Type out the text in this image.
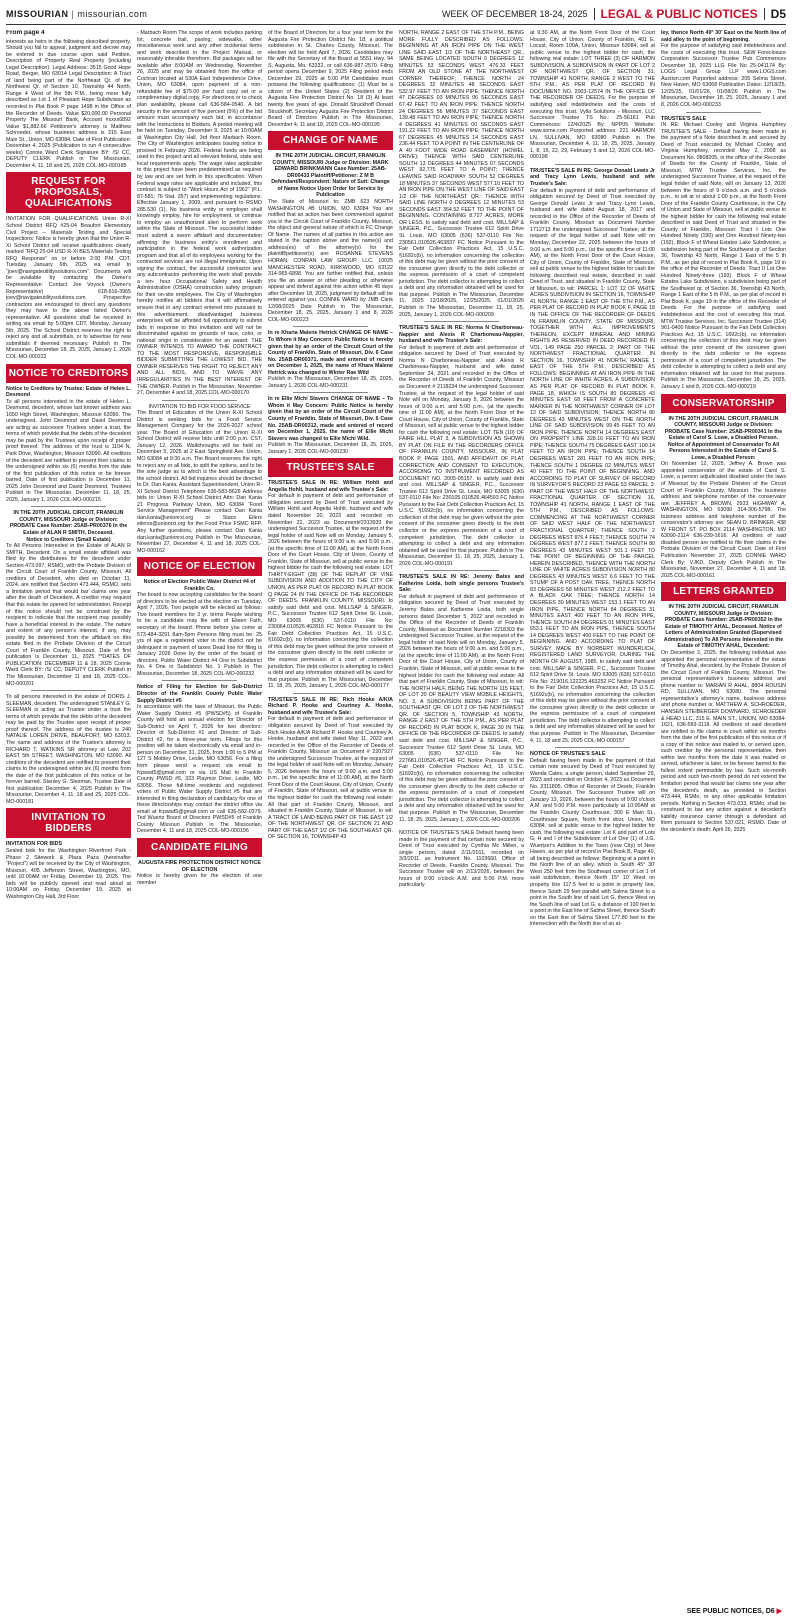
MISSOURIAN | missourian.com	WEEK OF DECEMBER 18-24, 2025 LEGAL & PUBLIC NOTICES D5
From page 4

interests as heirs in the following described property. Should you fail to appear, judgment and decree may be entered in due course upon said Petition. Description of Property Real Property (including Legal Description): Legal Address: 3515 Good Hope Road, Berger, MO 63014 Legal Description: A Tract of land being part of the Northeast Qr. of the Northwest Qr. of Section 10, Township 44 North, Range 4 West of the 5th P.M., being more fully described as Lot 1 of Pleasant Hope Subdivision as recorded in Plat Book P page 1498 in the Office of the Recorder of Deeds. Value $20,000.00 Personal Property The Missouri Bank, Account #xxxx6892 Value $1,882.66 Petitioner's attorney is Matthew Schroeder, whose business address is 315 East Main St., Union, MO 63084. Date of First Publication: December 4, 2025 (Publication to run 4 consecutive weeks) Connie Ward Clerk Signature BY: /S/ CC, DEPUTY CLERK Publish in The Missourian, December 4, 11, 18 and 25, 2025 COL-MO-000185

REQUEST FOR PROPOSALS, QUALIFICATIONS

INVITATION FOR QUALIFICATIONS Union R-XI School District RFQ #25-04 Beaufort Elementary Civil Project – Materials Testing and Special Inspections: Notice is hereby given that the Union R-XI School District will receive qualifications clearly marked “RFQ 25-04 USD R-XI BES Materials Testing RFQ Response” on or before 2:00 P.M. CDT, Tuesday, January 6th, 2025 via email to “joev@navigateutilitysolutions.com”. Documents will be available by contacting the Owner's Representative: Contact Joe Voyock (Owner's Representative) 618-616-3965 joev@navigateutilitysolutions.com Prospective contractors are encouraged to direct any questions they may have to the above listed Owner's representative. All questions shall be received in writing via email by 5:00pm CDT, Monday, January 5th, 2025. The School District reserves the right to reject any and all submittals, or to advertise for new submittals if deemed necessary. Publish in The Missourian, December 18, 25, 2025, January 1, 2026 COL-MO-000222

NOTICE TO CREDITORS

Notice to Creditors by Trustee: Estate of Helen L. Desmond

To all persons interested in the estate of Helen L. Desmond, decedent, whose last known address was 1650 High Street, Washington, Missouri 63090. The undersigned, John Desmond and David Desmond are acting as successor Trustees under a trust, the terms of which provide that the debts of the decedent may be paid by the Trustees upon receipt of proper proof thereof. The address of the trust is 1104 N. Park Drive, Washington, Missouri 63090. All creditors of the decedent are notified to present their claims to the undersigned within six (6) months from the date of the first publication of this notice or be forever barred. Date of first publication is December 11, 2025 John Desmond and David Desmond, Trustees Publish in The Missourian, December 11, 18, 25, 2025, January 1, 2026 COL-MO-000215

IN THE 20TH JUDICIAL CIRCUIT, FRANKLIN COUNTY, MISSOURI Judge or Division: PROBATE Case Number: 25AB-PR00376 In the Estate of ALAN R SMITH, Deceased.

Notice to Creditors (Small Estate)

To All Persons Interested in the Estate of ALAN R SMITH, Decedent: On a small estate affidavit was filed by the distributees for the decedent under Section 473.097, RSMO, with the Probate Division of the Circuit Court of Franklin County, Missouri. All creditors of Decedent, who died on October 11, 2024, are notified that Section 473.444, RSMO, sets a limitation period that would bar claims one year after the death of Decedent. A creditor may request that this estate be opened for administration. Receipt of this notice should not be construed by the recipient to indicate that the recipient may possibly have a beneficial interest in the estate. The nature and extent of any person's interest, if any, may possibly be determined from the affidavit on this estate filed in the Probate Division of the Circuit Court of Franklin County, Missouri. Date of first publication is December 11, 2025 **DATES OF PUBLICATION: DECEMBER 11 & 18, 2025 Connie Ward Clerk BY: /S/ CC, DEPUTY CLERK Publish in The Missourian, December 11 and 18, 2025 COL-MO-000201

To all persons interested in the estate of DORIS J. SLEEMAN, decedent. The undersigned STANLEY G. SLEEMAN is acting as Trustee under a trust the terms of which provide that the debts of the decedent may be paid by the Trustee upon receipt of proper proof thereof. The address of the trustee is 240 NATALIE LOREN DRIVE, BEAUFORT, MO 63013. The name and address of the Trustee's attorney is RICHARD T. WATKINS SR attorney at Law, 202 EAST 5th STREET, WASHINGTON, MO 63090. All creditors of the decedent are notified to present their claims to the undersigned within six (6) months from the date of the first publication of this notice or be forever barred. Stanley G. Sleeman, Trustee Date of first publication December 4, 2025 Publish in The Missourian, December 4, 11, 18 and 25, 2025 COL-MO-000181

INVITATION TO BIDDERS

INVITATION FOR BIDS

Sealed bids for the Washington Riverfront Park - Phase 2 Sitework & Plaza Paza (hereinafter “Project”) will be received by the City of Washington, Missouri, 405 Jefferson Street, Washington, MO, until 10:00AM on Friday, December 19, 2025. The bids will be publicly opened and read aloud at 10:00AM on Friday, December 19, 2025 at Washington City Hall, 3rd Floor

- Marbach Room The scope of work includes parking lot, concrete trail, paving, sidewalks, other miscellaneous work and any other incidental items and work described in the Project Manual, or reasonably inferable therefrom. Bid packages will be available after 8:00AM on Wednesday, November 26, 2025 and may be obtained from the office of Cochran located at 530A East Independence Drive, Union, MO 63084, upon payment of a non-refundable fee of $75.00 per hard copy set or a complimentary digital copy. For directions or to check plan availability, please call 636-584-0540. A bid security in the amount of five percent (5%) of the bid amount must accompany each bid, in accordance with the Instructions to Bidders. A prebid meeting will be held on Tuesday, December 9, 2025 at 10:00AM at Washington City Hall, 3rd floor Marbach Room. The City of Washington anticipates issuing notice to proceed in February 2026. Federal funds are being used in this project and all relevant federal, state and local requirements apply. The wage rates applicable to this project have been predetermined as required by law and are set forth in this specification. When Federal wage rates are applicable and included, this contract is subject to “Work Hours Act of 1962” (P.L. 87-581; 76 Stat. 357) and implementing regulations. Effective January 1, 2009, and pursuant to RSMO 285.530 (1), No business entity or employer shall knowingly employ, hire for employment, or continue to employ an unauthorized alien to perform work within the State of Missouri. The successful bidder must submit a sworn affidavit and documentation affirming the business entity's enrollment and participation in the federal work authorization program and that all of its employees working for the contracted services are not illegal immigrants. Upon signing the contract, the successful contractor and any subcontractor performing the work shall provide a ten- hour Occupational Safety and Health Administration (OSHA) construction safety program for their on-site employees. The City of Washington hereby notifies all bidders that it will affirmatively ensure that in any contract entered into pursuant to this advertisement, disadvantaged business enterprises will be afforded full opportunity to submit bids in response to this invitation and will not be discriminated against on grounds of race, color, or national origin in consideration for an award. THE OWNER INTENDS TO AWARD THE CONTRACT TO THE MOST RESPONSIVE, RESPONSIBLE BIDDER SUBMITTING THE LOWEST BID. THE OWNER RESERVES THE RIGHT TO REJECT ANY AND ALL BIDS, AND TO WAIVE ANY IRREGULARITIES IN THE BEST INTEREST OF THE OWNER. Publish in The Missourian, November 27, December 4 and 18, 2025 COL-MO-000170

INVITATION TO BID FOR FOOD SERVICE

The Board of Education of the Union R-XI School District is seeking bids for a Food Service Management Company for the 2026-2027 school year. The Board of Education of the Union R-XI School District will receive bids until 2:00 p.m. CST, January 12, 2026. Walkthroughs will be held on December 5, 2025 at 2 East Springfield Ave. Union, MO 63084 at 9:30 a.m. The Board reserves the right to reject any or all bids, to split the options, and to be the sole judge as to which is the best advantage to the school district. All bid inquiries should be directed to Dr. Dan Kania, Assistant Superintendent, Union R-XI School District Telephone 636-583-8626 Address bids to: Union R-XI School District Attn: Dan Kania 21 Progress Parkway Union, MO 63084 “Food Service Management” Please contact Dan Kania dan.kania@unionrxi.org or Stace Eilers eilerss@unionrxi.org for the Food Price FSMC RFP. Any further questions, please contact Dan Kania dan.kania@unionrxi.org Publish in The Missourian, November 27, December 4, 11 and 18, 2025 COL-MO-000162

NOTICE OF ELECTION

Notice of Election Public Water District #4 of Franklin Co.

The board is now accepting candidates for the board of directors to be elected at the election on Tuesday, April 7, 2026. Two people will be elected as follows: Two board members for 3 yr. terms People wishing to be a candidate may file with of Eileen Fath, secretary of the board. Phone before you come at 573-484-3291 8am-5pm Persons filing must be: 25 yrs of age a registered voter in the district not be delinquent in payment of taxes Dead line for filing is January 2026 Done by the order of the board of directors, Public Water District #4 One in Subdistrict No. 4 One in Subdistrict No. 1 Publish in The Missourian, December 18, 2025 COL-MO-000232

Notice of Filing for Election for Sub-District Director of the Franklin County Public Water Supply District #5

In accordance with the laws of Missouri, the Public Water Supply District #5 (PWSD#5) of Franklin County will hold an annual election for Director of Sub-District on April 7, 2026 for two directors: Director of Sub-District #1 and Director of Sub-District #2, for a three-year term. Filings for this position will be taken electronically via email and in-person on December 31, 2025, from 1:00 to 5 PM at 127 S Mobley Drive, Leslie, MO 63056. For a filing form please send a request via email to fcpwsd5@gmail.com or via US Mail to Franklin County PWSD #5, 333 Playmor Drive, Leslie, MO 63056. Those full-time residents and registered voters of Public Water Supply District #5 that are interested in filing declaration of candidacy for one of these directorships may contact the district office via email at fcpwsd5@gmail.com or call 636-582-0379. Ted Wuertz Board of Directors PWSD#5 of Franklin County Missouri Publish in The Missourian, December 4, 11 and 18, 2025 COL-MO-000196

CANDIDATE FILING

AUGUSTA FIRE PROTECTION DISTRICT NOTICE OF ELECTION

Notice is hereby given for the election of one member

of the Board of Directors for a four year term for the Augusta Fire Protection District No. 18, a political subdivision in St. Charles County, Missouri. The election will be held April 7, 2026. Candidates may file with the Secretary of the Board at 5551 Hwy. 94 S, Augusta, Mo. 63332, or call 636-987-2570. Filing period opens December 9, 2025 Filing period ends December 29, 2025 at 5:00 PM Candidates must possess the following qualifications: (1) Must be a citizen of the United States (2) Resident of the Augusta Fire Protection District No. 18 (3) At least twenty five years of age. Donald Struckhoff Donald Struckhoff, Secretary Augusta Fire Protection District Board of Directors Publish in The Missourian, December 4, 11 and 18, 2025 COL-MO-000195

CHANGE OF NAME

IN THE 20TH JUDICIAL CIRCUIT, FRANKLIN COUNTY, MISSOURI Judge or Division: MARK EDWARD BRINKMANN Case Number: 25AB-DR00433 Plaintiff/Petitioner: Z M B Defendant/Respondent: Nature of Suit: Change of Name Notice Upon Order for Service by Publication

The State of Missouri to: ZMB 623 NORTH WASHINGTON #B UNION, MO 63084 You are notified that an action has been commenced against you in the Circuit Court of Franklin County, Missouri, the object and general nature of which is FC Change Of Name. The names of all parties in this action are stated in the caption above and the name(s) and address(es) of the attorney(s) for the plaintiff/petitioner(s) are: ROSANNE STEVENS HORAN, CONRAN LAW GROUP, LLC, 10025 MANCHESTER ROAD, KIRKWOOD, MO 63122 314-965-6898. You are further notified that, unless you file an answer or other pleading or otherwise appear and defend against this action within 45 days after December 18, 2025, judgment by default will be entered against you. CONNIE WARD by JMB Clerk 12/08/2025 Date Publish in The Missourian, December 18, 25, 2025, January 1 and 8, 2026 COL-MO-000223

In re Kharia Malene Hetrick CHANGE OF NAME – To Whom it May Concern: Public Notice is hereby given that by an order of the Circuit Court of the County of Franklin, State of Missouri, Div. 6 Case No. 25AB-DR00371, made and entered of record on December 1, 2025, the name of Khara Malene Hetrick was changed to Winter Rae Wild

Publish in The Missourian, December 18, 25, 2025, January 1, 2026 COL-MO-000231

In re Ellie Michi Stavers CHANGE OF NAME – To Whom it May Concern: Public Notice is hereby given that by an order of the Circuit Court of the County of Franklin, State of Missouri, Div. 6 Case No. 25AB-DR00312, made and entered of record on December 1, 2025, the name of Ellie Michi Stavers was changed to Ellie Michi Wild.

Publish in The Missourian, December 18, 25, 2025, January 1, 2026 COL-MO-000230

TRUSTEE'S SALE

TRUSTEE'S SALE IN RE: William Hohlt and Angelia Hohlt, husband and wife Trustee's Sale:

For default in payment of debt and performance of obligation secured by Deed of Trust executed by William Hohlt and Angelia Hohlt, husband and wife dated November 20, 2023 and recorded on November 21, 2023 as Document#2313933 the undersigned Successor Trustee, at the request of the legal holder of said Note will on Monday, January 5, 2026 between the hours of 9:00 a.m. and 5:00 p.m., (at the specific time of 11:00 AM), at the North Front Door of the Court House, City of Union, County of Franklin, State of Missouri, sell at public venue to the highest bidder for cash the following real estate: LOT THIRTY-EIGHT (38) OF THE REPLAT OF VINE SUBDIVISION AND ADDITION TO THE CITY OF UNION, AS PER PLAT OF RECORD IN PLAT BOOK Q PAGE 24 IN THE OFFICE OF THE RECORDER OF DEEDS, FRANKLIN COUNTY, MISSOURI. to satisfy said debt and cost. MILLSAP & SINGER, P.C., Successor Trustee 612 Spirit Drive St. Louis, MO 63005 (636) 537-0110 File No: 230064.010526.462816 FC Notice Pursuant to the Fair Debt Collection Practices Act, 15 U.S.C. §1692c(b), no information concerning the collection of this debt may be given without the prior consent of the consumer given directly to the debt collector or the express permission of a court of competent jurisdiction. The debt collector is attempting to collect a debt and any information obtained will be used for that purpose. Publish in The Missourian, December 11, 18, 25, 2025, January 1, 2026 COL-MO-000177

TRUSTEE'S SALE IN RE: Rich Hooke A/K/A Richard P. Hooke and Courtney A. Hooke, husband and wife Trustee's Sale:

For default in payment of debt and performance of obligation secured by Deed of Trust executed by Rich Hooke A/K/A Richard P. Hooke and Courtney A. Hooke, husband and wife dated May 11, 2022 and recorded in the Office of the Recorder of Deeds of Franklin County, Missouri as Document # 2207927 the undersigned Successor Trustee, at the request of the legal holder of said Note will on Monday, January 5, 2026 between the hours of 9:00 a.m. and 5:00 p.m., (at the specific time of 11:00 AM), at the North Front Door of the Court House, City of Union, County of Franklin, State of Missouri, sell at public venue to the highest bidder for cash the following real estate: All that part of Franklin County, Missouri, and situated in Franklin County, State of Missouri, to wit: A TRACT OF LAND BEING PART OF THE EAST 1/2 OF THE NORTHWEST QR. OF SECTION 21 AND PART OF THE EAST 1/2 OF THE SOUTHEAST QR. OF SECTION 16, TOWNSHIP 43

NORTH, RANGE 2 EAST OF THE 5TH P.M., BEING MORE FULLY DESCRIBED AS FOLLOWS: BEGINNING AT AN IRON PIPE ON THE WEST LINE SAID EAST 1/2 OF THE NORTHEAST QR., SAME BEING LOCATED SOUTH 0 DEGREES 12 MINUTES 53 SECONDS WEST 476.33 FEET FROM AN OLD STONE AT THE NORTHWEST CORNER THEREOF; THENCE NORTH 24 DEGREES 32 MINUTES 48 SECONDS EAST 532.97 FEET TO AN IRON PIPE; THENCE NORTH 47 DEGREES 03 MINUTES 06 SECONDS EAST 67.42 FEET TO AN IRON PIPE; THENCE NORTH 24 DEGREES 56 MINUTES 37 SECONDS EAST 139.48 FEET TO AN IRON PIPE; THENCE NORTH 4 DEGREES 41 MINUTES 00 SECONDS EAST 191.22 FEET TO AN IRON PIPE; THENCE NORTH 67 DEGREES 45 MINUTES 14 SECONDS EAST 236.44 FEET TO A POINT IN THE CENTERLINE OF A 40 FOOT WIDE ROAD EASEMENT (HOWEL DRIVE); THENCE WITH SAID CENTERLINE SOUTH 13 DEGREES 44 MINUTES 07 SECONDS WEST 92.775 FEET TO A POINT; THENCE LEAVING SAID ROADWAY SOUTH 52 DEGREES 18 MINUTES 37 SECONDS WEST 577.10 FEET TO AN IRON PIPE ON THE WEST LINE OF SAID EAST 1/2 OF THE NORTHEAST QR.; THENCE WITH SAID LINE NORTH 0 DEGREES 12 MINUTES 53 SECONDS EAST 364.52 FEET TO THE POINT OF BEGINNING, CONTAINING 8.727 ACRES, MORE OR LESS. to satisfy said debt and cost. MILLSAP & SINGER, P.C., Successor Trustee 612 Spirit Drive St. Louis, MO 63005 (636) 537-0110 File No: 230561.010526.463837 FC Notice Pursuant to the Fair Debt Collection Practices Act, 15 U.S.C. §1692c(b), no information concerning the collection of this debt may be given without the prior consent of the consumer given directly to the debt collector or the express permission of a court of competent jurisdiction. The debt collector is attempting to collect a debt and any information obtained will be used for that purpose. Publish in The Missourian, December 11, 2025 12/18/2025, 12/25/2025, 01/01/2026 Publish in The Missourian, December 11, 18, 25, 2025, January 1, 2026 COL-MO-000209

TRUSTEE'S SALE IN RE: Norma N Charboneau-Nappier and Alexis R Charboneau-Nappier, husband and wife Trustee's Sale:

For default in payment of debt and performance of obligation secured by Deed of Trust executed by Norma N Charboneau-Nappier and Alexis R Charboneau-Nappier, husband and wife dated September 24, 2021 and recorded in the Office of the Recorder of Deeds of Franklin County, Missouri as Document # 2118234 the undersigned Successor Trustee, at the request of the legal holder of said Note will on Monday, January 5, 2026 between the hours of 9:00 a.m. and 5:00 p.m., (at the specific time of 11:00 AM), at the North Front Door of the Court House, City of Union, County of Franklin, State of Missouri, sell at public venue to the highest bidder for cash the following real estate: LOT TEN (10) OF FAIRE HILL PLAT 3, A SUBDIVISION AS SHOWN BY PLAT ON FILE IN THE RECORDERS OFFICE OF FRANKLIN COUNTY, MISSOURI, IN PLAT BOOK P, PAGE 1501, AND AFFIDAVIT OF PLAT CORRECTION AND CONSENT TO EXECUTION, ACCORDING TO INSTRUMENT RECORDED AS DOCUMENT NO. 2005-05157. to satisfy said debt and cost. MILLSAP & SINGER, P.C., Successor Trustee 612 Spirit Drive St. Louis, MO 63005 (636) 537-0110 File No: 230105.010526.464593 FC Notice Pursuant to the Fair Debt Collection Practices Act, 15 U.S.C. §1692c(b), no information concerning the collection of this debt may be given without the prior consent of the consumer given directly to the debt collector or the express permission of a court of competent jurisdiction. The debt collector is attempting to collect a debt and any information obtained will be used for that purpose. Publish in The Missourian, December 11, 18, 25, 2025, January 1, 2026 COL-MO-000191

TRUSTEE'S SALE IN RE: Jeremy Bates and Katherine Loida, both single persons Trustee's Sale:

For default in payment of debt and performance of obligation secured by Deed of Trust executed by Jeremy Bates and Katherine Loida, both single persons dated December 5, 2022 and recorded in the Office of the Recorder of Deeds of Franklin County, Missouri as Document Number 2218303 the undersigned Successor Trustee, at the request of the legal holder of said Note will on Monday, January 5, 2026 between the hours of 9:00 a.m. and 5:00 p.m., (at the specific time of 11:00 AM), at the North Front Door of the Court House, City of Union, County of Franklin, State of Missouri, sell at public venue to the highest bidder for cash the following real estate: All that part of Franklin County, State of Missouri, to wit: THE NORTH HALF, BEING THE NORTH 115 FEET, OF LOT 20 OF BEAUTY VIEW MOBILE HEIGHTS, NO. 3, A SUBDIVISION BEING PART OF THE SOUTHEAST QR. OF LOT 2 OF THE NORTHWEST QR. OF SECTION 5, TOWNSHIP 43 NORTH, RANGE 2 EAST OF THE 5TH P.M., AS PER PLAT OF RECORD IN PLAT BOOK K, PAGE 30 IN THE OFFICE OF THE RECORDER OF DEEDS. to satisfy said debt and cost. MILLSAP & SINGER, P.C., Successor Trustee 612 Spirit Drive St. Louis, MO 63005 (636) 537-0110 File No: 227681.010526.457148 FC Notice Pursuant to the Fair Debt Collection Practices Act, 15 U.S.C. §1692c(b), no information concerning the collection of this debt may be given without the prior consent of the consumer given directly to the debt collector or the express permission of a court of competent jurisdiction. The debt collector is attempting to collect a debt and any information obtained will be used for that purpose. Publish in The Missourian, December 11, 18, 25, 2025, January 1, 2026 COL-MO-000206

NOTICE OF TRUSTEE'S SALE Default having been made in the payment of that certain note secured by Deed of Trust executed by Cynthia Mc Millen, a single person, dated 2/11/2011, recorded on 3/3/2011, as Instrument No. 1103660, Office of Recorder of Deeds, Franklin County, Missouri. The Successor Trustee will on 2/13/2026, between the hours of 9:00 o'clock A.M. and 5:00 P.M. more particularly

at 9:30 AM, at the North Front Door of the Court House, City of Union, County of Franklin, 401 E. Locust, Room 100A, Union, Missouri 63084, sell at public venue to the highest bidder for cash, the following real estate: LOT THREE (3) OF HARMON SUBDIVISION, A SUBDIVISION IN PART OF LOT 2 OF NORTHWEST QR. OF SECTION 31, TOWNSHIP 41 NORTH, RANGE 2 WEST TO THE 5TH P.M., AS PER PLAT OF RECORD IN DOCUMENT NO. 2003-12574 IN THE OFFICE OF THE RECORDER OF DEEDS. For the purpose of satisfying said indebtedness and the costs of executing this trust. Vylla Solutions - Missouri, LLC Successor Trustee TS No.: 25-56161 Pub Commences: 12/4/2025 By: NPP05 Website: www.xome.com Purported address: 221 HARMON LN, SULLIVAN, MO 63080 Publish in The Missourian, December 4, 11, 18, 25, 2025, January 1, 8, 15, 22, 29, February 5 and 12, 2026 COL-MO-000198

TRUSTEE'S SALE IN RE: George Donald Lewis Jr and Tracy Lynn Lewis, husband and wife Trustee's Sale:

For default in payment of debt and performance of obligation secured by Deed of Trust executed by George Donald Lewis Jr and Tracy Lynn Lewis, husband and wife dated August 18, 2017 and recorded in the Office of the Recorder of Deeds of Franklin County, Missouri as Document Number 1712713 the undersigned Successor Trustee, at the request of the legal holder of said Note will on Monday, December 22, 2025 between the hours of 9:00 a.m. and 5:00 p.m., (at the specific time of 11:00 AM), at the North Front Door of the Court House, City of Union, County of Franklin, State of Missouri, sell at public venue to the highest bidder for cash the following described real estate, described in said Deed of Trust, and situated in Franklin County, State of Missouri, to wit: PARCEL 1: LOT 12 OF WHITE ACRES SUBDIVISION IN SECTION 16, TOWNSHIP 41 NORTH, RANGE 1 EAST OF THE 5TH P.M., AS PER PLAT OF RECORD IN PLAT BOOK F, PAGE 18 IN THE OFFICE OF THE RECORDER OF DEEDS IN FRANKLIN COUNTY, STATE OF MISSOURI. TOGETHER WITH ALL IMPROVEMENTS THEREON, EXCEPT MINERAL AND MINING RIGHTS AS RESERVED IN DEED RECORDED IN VOL. 149 PAGE 250 PARCEL 2: PART OF THE NORTHWEST FRACTIONAL QUARTER IN SECTION 16, TOWNSHIP 41 NORTH, RANGE 1 EAST OF THE 5TH P.M., DESCRIBED AS FOLLOWS: BEGINNING AT AN IRON PIPE IN THE NORTH LINE OF WHITE ACRES, A SUBDIVISION AS PER PLAT OF RECORD IN PLAT BOOK F, PAGE 18, WHICH IS SOUTH 80 DEGREES 43 MINUTES EAST 68 FEET FROM A CONCRETE MARKER IN THE NORTHWEST CORNER OF LOT 12 OF SAID SUBDIVISION; THENCE NORTH 80 DEGREES 43 MINUTES WEST ON THE NORTH LINE OF SAID SUBDIVISION 99.45 FEET TO AN IRON PIPE; THENCE NORTH 14 DEGREES EAST ON PROPERTY LINE 328.16 FEET TO AN IRON PIPE; THENCE SOUTH 75 DEGREES EAST 100.14 FEET TO AN IRON PIPE; THENCE SOUTH 14 DEGREES WEST 281 FEET TO AN IRON PIPE; THENCE SOUTH 1 DEGREE 02 MINUTES WEST 40 FEET TO THE POINT OF BEGINNING. AND ACCORDING TO PLAT OF SURVEY OF RECORD IN SURVEYOR'S RECORD 23 PAGE 53 PARCEL 3: PART OF THE WEST HALF OF THE NORTHWEST FRACTIONAL QUARTER OF SECTION 16, TOWNSHIP 41 NORTH, RANGE 1 EAST OF THE 5TH P.M., DESCRIBED AS FOLLOWS: COMMENCING AT THE NORTHWEST CORNER OF SAID WEST HALF OF THE NORTHWEST FRACTIONAL QUARTER; THENCE SOUTH 2 DEGREES WEST 876.4 FEET; THENCE SOUTH 74 DEGREES WEST 877.2 FEET; THENCE SOUTH 80 DEGREES 43 MINUTES WEST 501.1 FEET TO THE POINT OF BEGINNING OF THE PARCEL HEREIN DESCRIBED, THENCE WITH THE NORTH LINE OF WHITE ACRES SUBDIVISION NORTH 80 DEGREES 43 MINUTES WEST 6.6 FEET TO THE STUMP OF A POST OAK TREE, THENCE NORTH 83 DEGREES 58 MINUTES WEST 212.2 FEET TO A BLACK OAK TREE; THENCE NORTH 14 DEGREES 30 MINUTES WEST 153.1 FEET TO AN IRON PIPE, THENCE NORTH 84 DEGREES 31 MINUTES EAST 400 FEET TO AN IRON PIPE, THENCE SOUTH 84 DEGREES 01 MINUTES EAST 653.1 FEET TO AN IRON PIPE, THENCE SOUTH 14 DEGREES WEST 400 FEET TO THE POINT OF BEGINNING. AND ACCORDING TO PLAT OF SURVEY MADE BY NORBERT WUNDERLICH, REGISTERED LAND SURVEYOR, DURING THE MONTH OF AUGUST, 1985. to satisfy said debt and cost. MILLSAP & SINGER, P.C., Successor Trustee 612 Spirit Drive St. Louis, MO 63005 (636) 537-0110 File No: 219016.122225.463252 FC Notice Pursuant to the Fair Debt Collection Practices Act, 15 U.S.C. §1692c(b), no information concerning the collection of this debt may be given without the prior consent of the consumer given directly to the debt collector or the express permission of a court of competent jurisdiction. The debt collector is attempting to collect a debt and any information obtained will be used for that purpose. Publish in The Missourian, December 4, 11, 18 and 25, 2025 COL-MO-000157

NOTICE OF TRUSTEE'S SALE

Default having been made in the payment of that certain note secured by Deed of Trust executed by Wanda Cates, a single person, dated September 29, 2023 and recorded on October 4, 2023 as Document No. 2311805, Office of Recorder of Deeds, Franklin County, Missouri. The Successor Trustee will on January 13, 2026, between the hours of 9:00 o'clock A.M. and 5:00 P.M. more particularly at 10:00AM at the Franklin County Courthouse, 300 E Main St., Courthouse Square, North front door, Union, MO 63084, sell at public venue to the highest bidder for cash, the following real estate: Lot K and part of Lots G, H and I of the Subdivision of Lot One (1) of J.G. Wuertzer's Addition to the Town (now City) of New Haven, as per plat of record in Plat Book B, Page 40, all being described as follows: Beginning at a point in the North line of an alley, which is South 45° 30' West 250 feet from the Southeast corner of Lot 1 of said subdivision, thence North 15° 10' West on property line 117.5 feet to a point in property line, thence South 29 feet parallel with Salma Street to a point in the South line of said Lot G, thence West on the South line of said Lot G, a distance of 100 feet to a point in the East line of Salma Street, thence South on the East line of Salma Street 177.80 feet to the intersection with the North line of an al-

ley, thence North 49° 30' East on the North line of said alley to the point of beginning.

For the purpose of satisfying said indebtedness and the costs of executing this trust. S&W Foreclosure Corporation Successor Trustee Pub Commences December 18, 2025 LLG File No 25-041174 By: LOGS Legal Group LLP www.LOGS.com Auction.com Purported address: 205 Selma Street, New Haven, MO 63068 Publication Dates: 12/18/25, 12/25/25, 01/01/26, 01/08/26 Publish in The Missourian, December 18, 25, 2025, January 1 and 8, 2026 COL-MO-000233

TRUSTEE'S SALE

IN RE: Michael Cooley and Virginia Humphrey TRUSTEE'S SALE - Default having been made in the payment of a Note described in and secured by Deed of Trust executed by Michael Cooley and Virginia Humphrey, recorded May 2, 2008 as Document No. 0808205, in the office of the Recorder of Deeds for the County of Franklin, State of Missouri, MTW Trustee Services, Inc. the undersigned Successor Trustee, at the request of the legal holder of said Note, will on January 13, 2026 between the hours of 9 o'clock a.m. and 5 o'clock p.m., to wit at or about 1:00 p.m., at the North Front Door of the Franklin County Courthouse, in the City of Union and State of Missouri, sell at public venue to the highest bidder for cash the following real estate described in said Deed of Trust and situated in the County of Franklin, Missouri: Tract I Lots One Hundred Ninety (190) and One Hundred Ninety-two (192), Block F of Wheat Estates Lake Subdivision, a subdivision being part of the Southwest qr. of Section 36, Township 43 North, Range 1 East of the 5 th P.M., as per plat of record in Plat Book K, page 19 in the office of the Recorder of Deeds. Tract II Lot One Hundred Ninety-three (193), Block F of Wheat Estates Lake Subdivision, a subdivision being part of the Southwest qr. of Section 36, Township 43 North, Range 1 East of the 5 th P.M., as per plat of record in Plat Book K, page 19 in the office of the Recorder of Deeds. For the purpose of satisfying said indebtedness and the cost of executing this trust. MTW Trustee Services, Inc. Successor Trustee (314) 961-0400 Notice Pursuant to the Fair Debt Collection Practices Act, 15 U.S.C. 1692c(b), no information concerning the collection of this debt may be given without the prior consent of the consumer given directly to the debt collector or the express permission of a court of competent jurisdiction. The debt collector is attempting to collect a debt and any information obtained will be used for that purpose. Publish in The Missourian, December 18, 25, 2025, January 1 and 8, 2026 COL-MO-000219

CONSERVATORSHIP

IN THE 20TH JUDICIAL CIRCUIT, FRANKLIN COUNTY, MISSOURI Judge or Division: PROBATE Case Number: 25AB-PR00341 In the Estate of Carol S. Lowe, a Disabled Person. Notice of Appointment of Conservator To All Persons Interested in the Estate of Carol S. Lowe, a Disabled Person:

On November 12, 2025, Jeffrey A. Brown was appointed conservator of the estate of Carol S. Lowe, a person adjudicated disabled under the laws of Missouri by the Probate Division of the Circuit Court of Franklin County, Missouri. The business address and telephone number of the conservator are: JEFFREY A. BROWN, 2933 HIGHWAY A, WASHINGTON, MO 63090 314-306-5798. The business address and telephone number of the conservator's attorney are: SEAN D. BRINKER, 438 W FRONT ST. PO BOX 2114 WASHINGTON, MO 63090-2114 636-239-1616. All creditors of said disabled person are notified to file their claims in the Probate Division of the Circuit Court. Date of First Publication November 27, 2025 CONNIE WARD Clerk By: VJKD, Deputy Clerk Publish in The Missourian, November 27, December 4, 11 and 18, 2025 COL-MO-000161

LETTERS GRANTED

IN THE 20TH JUDICIAL CIRCUIT, FRANKLIN COUNTY, MISSOURI Judge or Division: PROBATE Case Number: 25AB-PR00352 In the Estate of TIMOTHY AHAL, Deceased. Notice of Letters of Administration Granted (Supervised Administration) To All Persons Interested in the Estate of TIMOTHY AHAL, Decedent:

On December 2, 2025, the following individual was appointed the personal representative of the estate of Timothy Ahal, decedent, by the Probate Division of the Circuit Court of Franklin County, Missouri. The personal representative's business address and phone number is: MARIAN R AHAL, 8804 ROUSIN RD, SULLIVAN, MO 63080. The personal representative's attorney's name, business address and phone number is: MATTHEW A. SCHROEDER, HANSEN STEIBERGER DOWNARD, SCHROEDER & HEAD LLC, 315 E. MAIN ST., UNION, MO 63084-1621, 636-583-3118. All creditors of said decedent are notified to file claims in court within six months from the date of the first publication of this notice or if a copy of this notice was mailed to, or served upon, such creditor by the personal representative, then within two months from the date it was mailed or served, whichever is later, or be forever barred to the fullest extent permissible by law. Such six-month period and such two-month period do not extend the limitation period that would bar claims one year after the decedent's death, as provided in Section 473.444, RSMo, or any other applicable limitation periods. Nothing in Section 473.033, RSMo, shall be construed to bar any action against a decedent's liability insurance carrier through a defendant ad litem pursuant to Section 537.021, RSMO. Date of the decedent's death: April 26, 2025

SEE PUBLIC NOTICES, D6 ▶
